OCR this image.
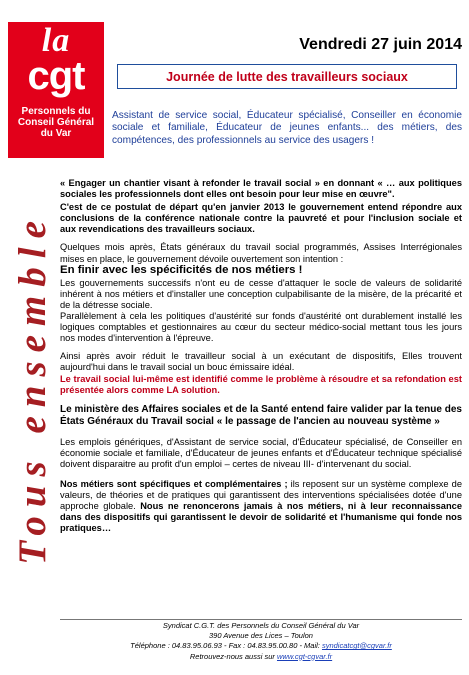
la
cgt
Personnels du
Conseil Général
du Var
Vendredi 27 juin 2014
Journée de lutte des travailleurs sociaux
Assistant de service social, Éducateur spécialisé, Conseiller en économie sociale et familiale, Éducateur de jeunes enfants... des métiers, des compétences, des professionnels au service des usagers !
Tous ensemble

« Engager un chantier visant à refonder le travail social » en donnant « … aux politiques sociales les professionnels dont elles ont besoin pour leur mise en œuvre".

C'est de ce postulat de départ qu'en janvier 2013 le gouvernement entend répondre aux conclusions de la conférence nationale contre la pauvreté et pour l'inclusion sociale et aux revendications des travailleurs sociaux.

Quelques mois après, États généraux du travail social programmés, Assises Interrégionales mises en place, le gouvernement dévoile ouvertement son intention :

En finir avec les spécificités de nos métiers !

Les gouvernements successifs n'ont eu de cesse d'attaquer le socle de valeurs de solidarité inhérent à nos métiers et d'installer une conception culpabilisante de la misère, de la précarité et de la détresse sociale.

Parallèlement à cela les politiques d'austérité sur fonds d'austérité ont durablement installé les logiques comptables et gestionnaires au cœur du secteur médico-social mettant tous les jours nos modes d'intervention à l'épreuve.

Ainsi après avoir réduit le travailleur social à un exécutant de dispositifs, Elles trouvent aujourd'hui dans le travail social un bouc émissaire idéal.

Le travail social lui-même est identifié comme le problème à résoudre et sa refondation est présentée alors comme LA solution.

Le ministère des Affaires sociales et de la Santé entend faire valider par la tenue des États Généraux du Travail social « le passage de l'ancien au nouveau système »

Les emplois génériques, d'Assistant de service social, d'Éducateur spécialisé, de Conseiller en économie sociale et familiale, d'Éducateur de jeunes enfants et d'Éducateur technique spécialisé doivent disparaitre au profit d'un emploi – certes de niveau III- d'intervenant du social.

Nos métiers sont spécifiques et complémentaires ; ils reposent sur un système complexe de valeurs, de théories et de pratiques qui garantissent des interventions spécialisées dotée d'une approche globale. Nous ne renoncerons jamais à nos métiers, ni à leur reconnaissance dans des dispositifs qui garantissent le devoir de solidarité et l'humanisme qui fonde nos pratiques…

Syndicat C.G.T. des Personnels du Conseil Général du Var
390 Avenue des Lices – Toulon
Téléphone : 04.83.95.06.93 - Fax : 04.83.95.00.80 - Mail: syndicatcgt@cgvar.fr
Retrouvez-nous aussi sur www.cgt-cgvar.fr
